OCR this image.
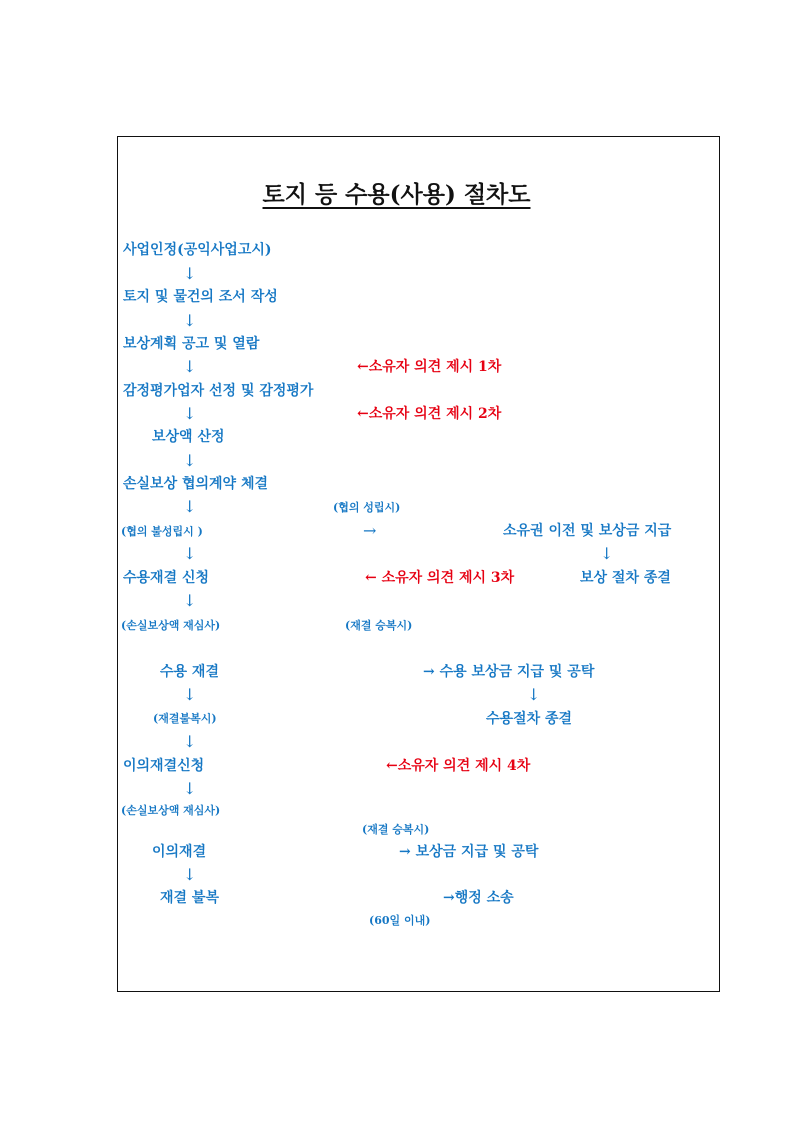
토지 등 수용(사용) 절차도
사업인정(공익사업고시)
↓
토지 및 물건의 조서 작성
↓
보상계획 공고 및 열람
↓	←소유자 의견 제시 1차
감정평가업자 선정 및 감정평가
↓	←소유자 의견 제시 2차
보상액 산정
↓
손실보상 협의계약 체결
↓	(협의 성립시)
(협의 불성립시 )	→	소유권 이전 및 보상금 지급
↓	↓
수용재결 신청	← 소유자 의견 제시 3차	보상 절차 종결
↓
(손실보상액 재심사)	(재결 승복시)
수용 재결	→ 수용 보상금 지급 및 공탁
↓	↓
(재결불복시)	수용절차 종결
↓
이의재결신청	←소유자 의견 제시 4차
↓
(손실보상액 재심사)
(재결 승복시)
이의재결	→ 보상금 지급 및 공탁
↓
재결 불복	→행정 소송
(60일 이내)
